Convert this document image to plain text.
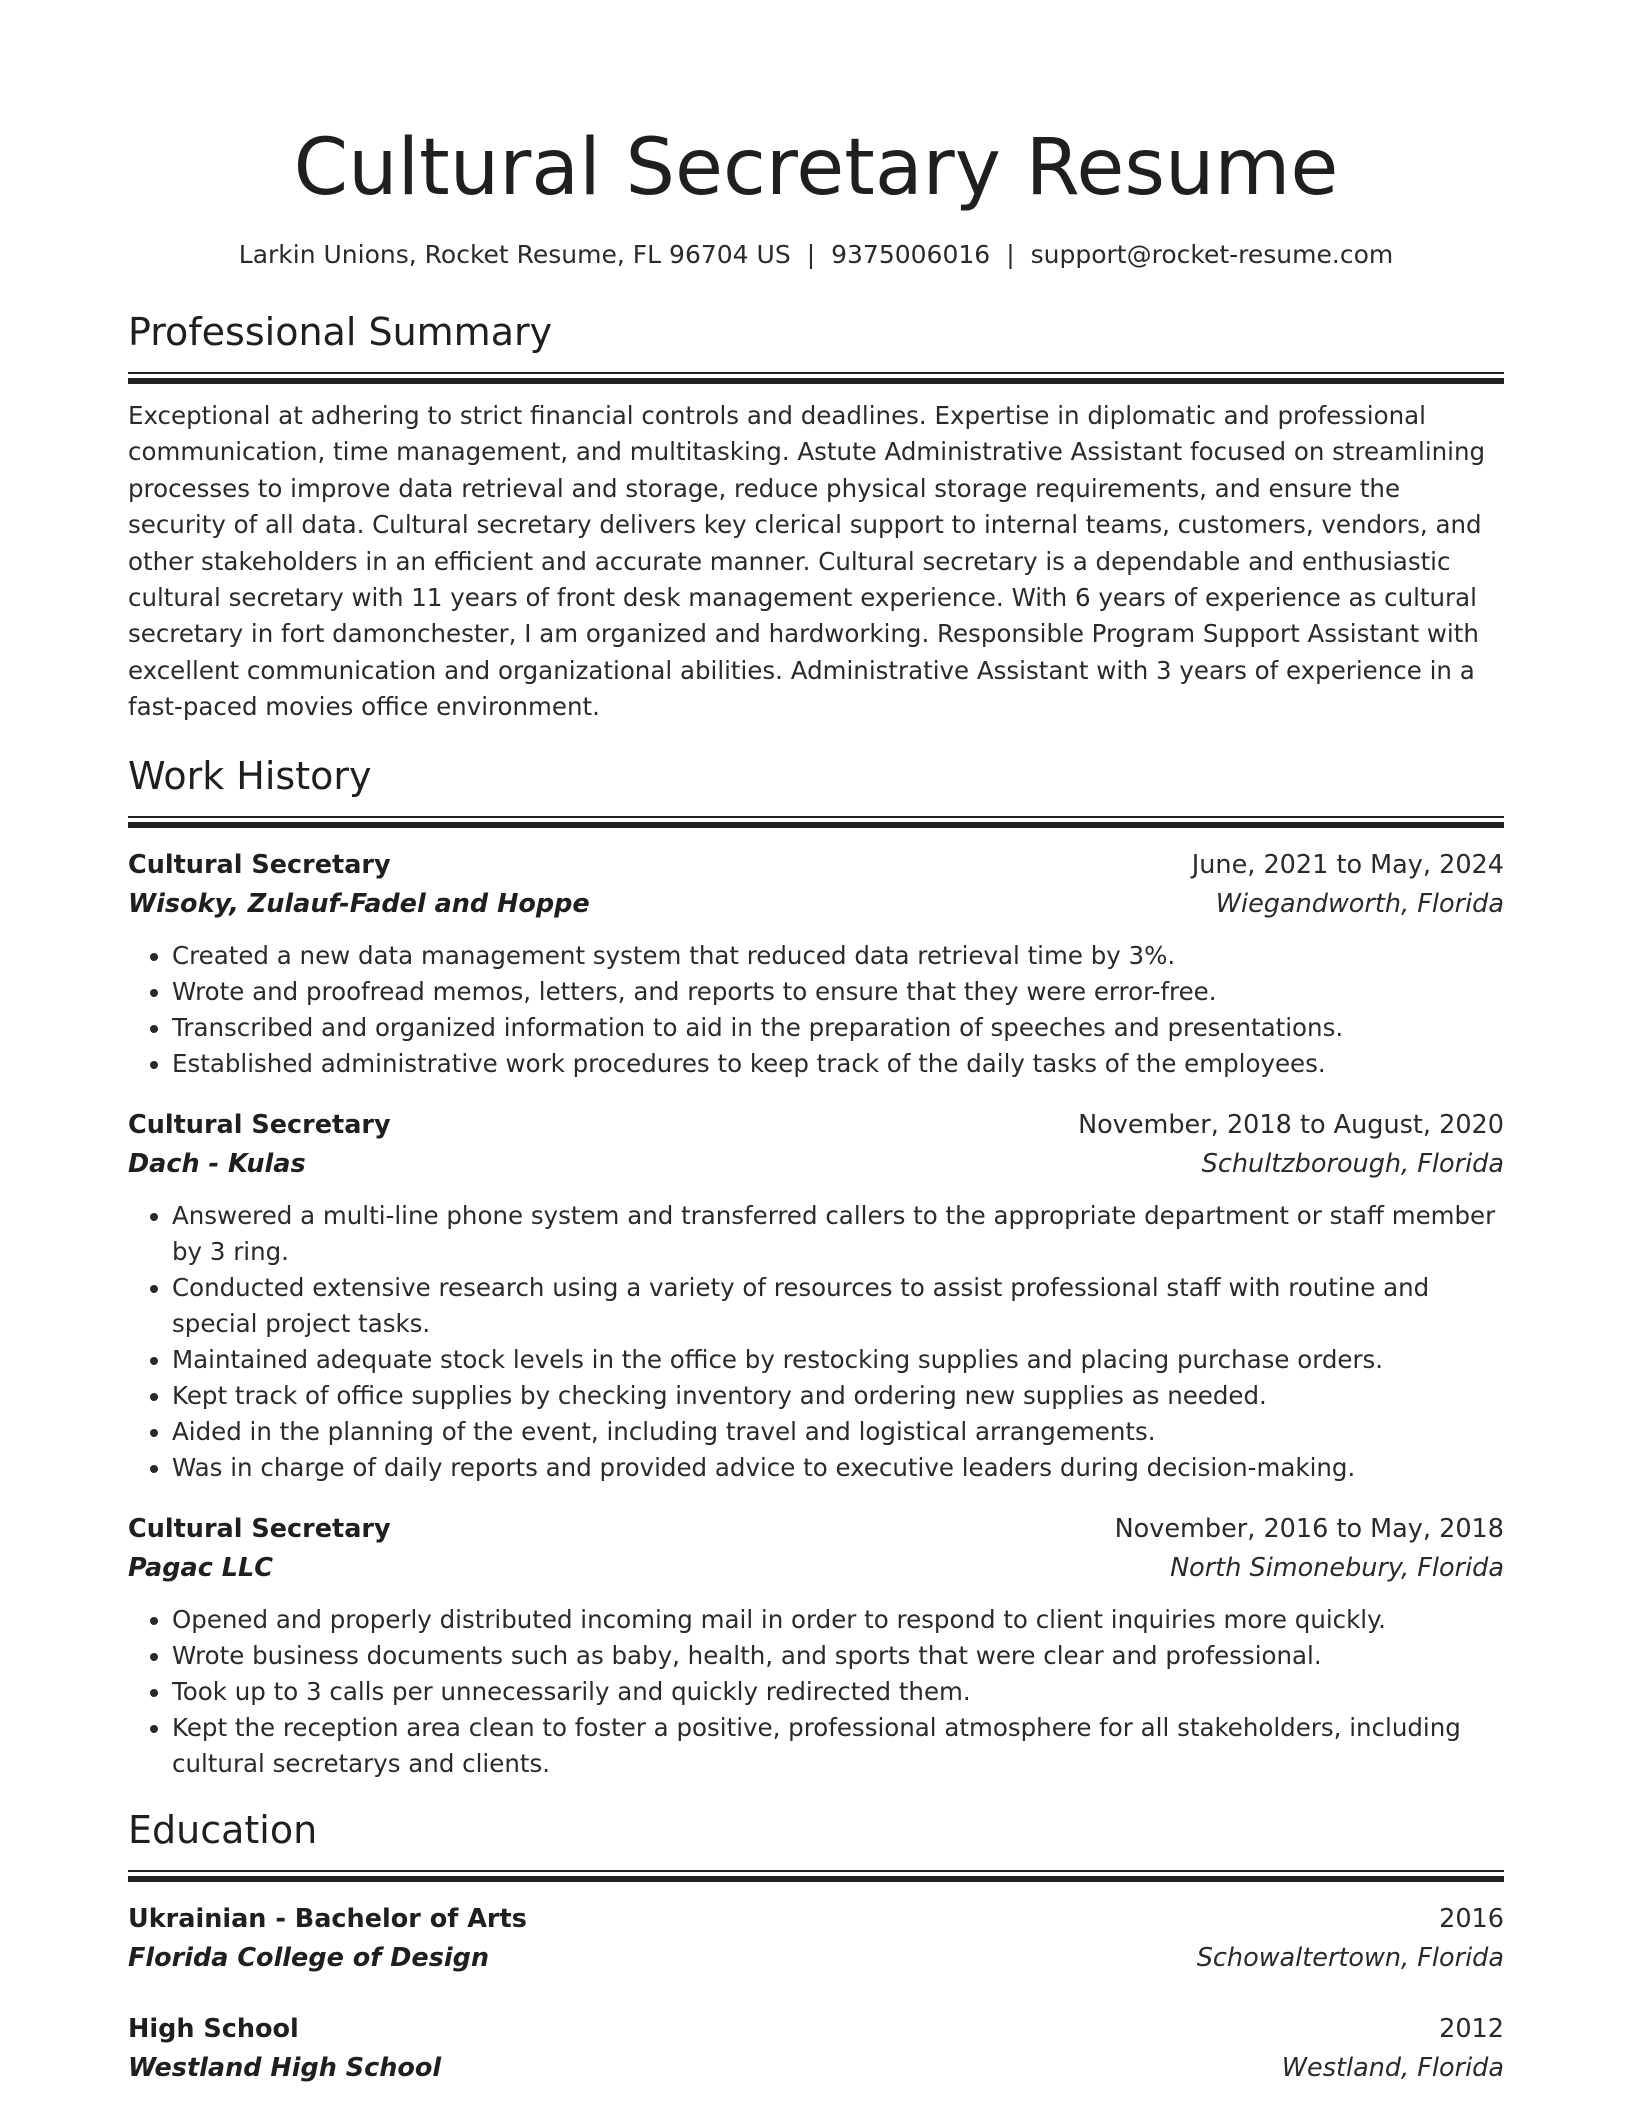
Cultural Secretary Resume
Larkin Unions, Rocket Resume, FL 96704 US | 9375006016 | support@rocket-resume.com
Professional Summary
Exceptional at adhering to strict financial controls and deadlines. Expertise in diplomatic and professional communication, time management, and multitasking. Astute Administrative Assistant focused on streamlining processes to improve data retrieval and storage, reduce physical storage requirements, and ensure the security of all data. Cultural secretary delivers key clerical support to internal teams, customers, vendors, and other stakeholders in an efficient and accurate manner. Cultural secretary is a dependable and enthusiastic cultural secretary with 11 years of front desk management experience. With 6 years of experience as cultural secretary in fort damonchester, I am organized and hardworking. Responsible Program Support Assistant with excellent communication and organizational abilities. Administrative Assistant with 3 years of experience in a fast-paced movies office environment.
Work History
Cultural Secretary	June, 2021 to May, 2024
Wisoky, Zulauf-Fadel and Hoppe	Wiegandworth, Florida
• Created a new data management system that reduced data retrieval time by 3%.
• Wrote and proofread memos, letters, and reports to ensure that they were error-free.
• Transcribed and organized information to aid in the preparation of speeches and presentations.
• Established administrative work procedures to keep track of the daily tasks of the employees.
Cultural Secretary	November, 2018 to August, 2020
Dach - Kulas	Schultzborough, Florida
• Answered a multi-line phone system and transferred callers to the appropriate department or staff member by 3 ring.
• Conducted extensive research using a variety of resources to assist professional staff with routine and special project tasks.
• Maintained adequate stock levels in the office by restocking supplies and placing purchase orders.
• Kept track of office supplies by checking inventory and ordering new supplies as needed.
• Aided in the planning of the event, including travel and logistical arrangements.
• Was in charge of daily reports and provided advice to executive leaders during decision-making.
Cultural Secretary	November, 2016 to May, 2018
Pagac LLC	North Simonebury, Florida
• Opened and properly distributed incoming mail in order to respond to client inquiries more quickly.
• Wrote business documents such as baby, health, and sports that were clear and professional.
• Took up to 3 calls per unnecessarily and quickly redirected them.
• Kept the reception area clean to foster a positive, professional atmosphere for all stakeholders, including cultural secretarys and clients.
Education
Ukrainian - Bachelor of Arts	2016
Florida College of Design	Schowaltertown, Florida
High School	2012
Westland High School	Westland, Florida
